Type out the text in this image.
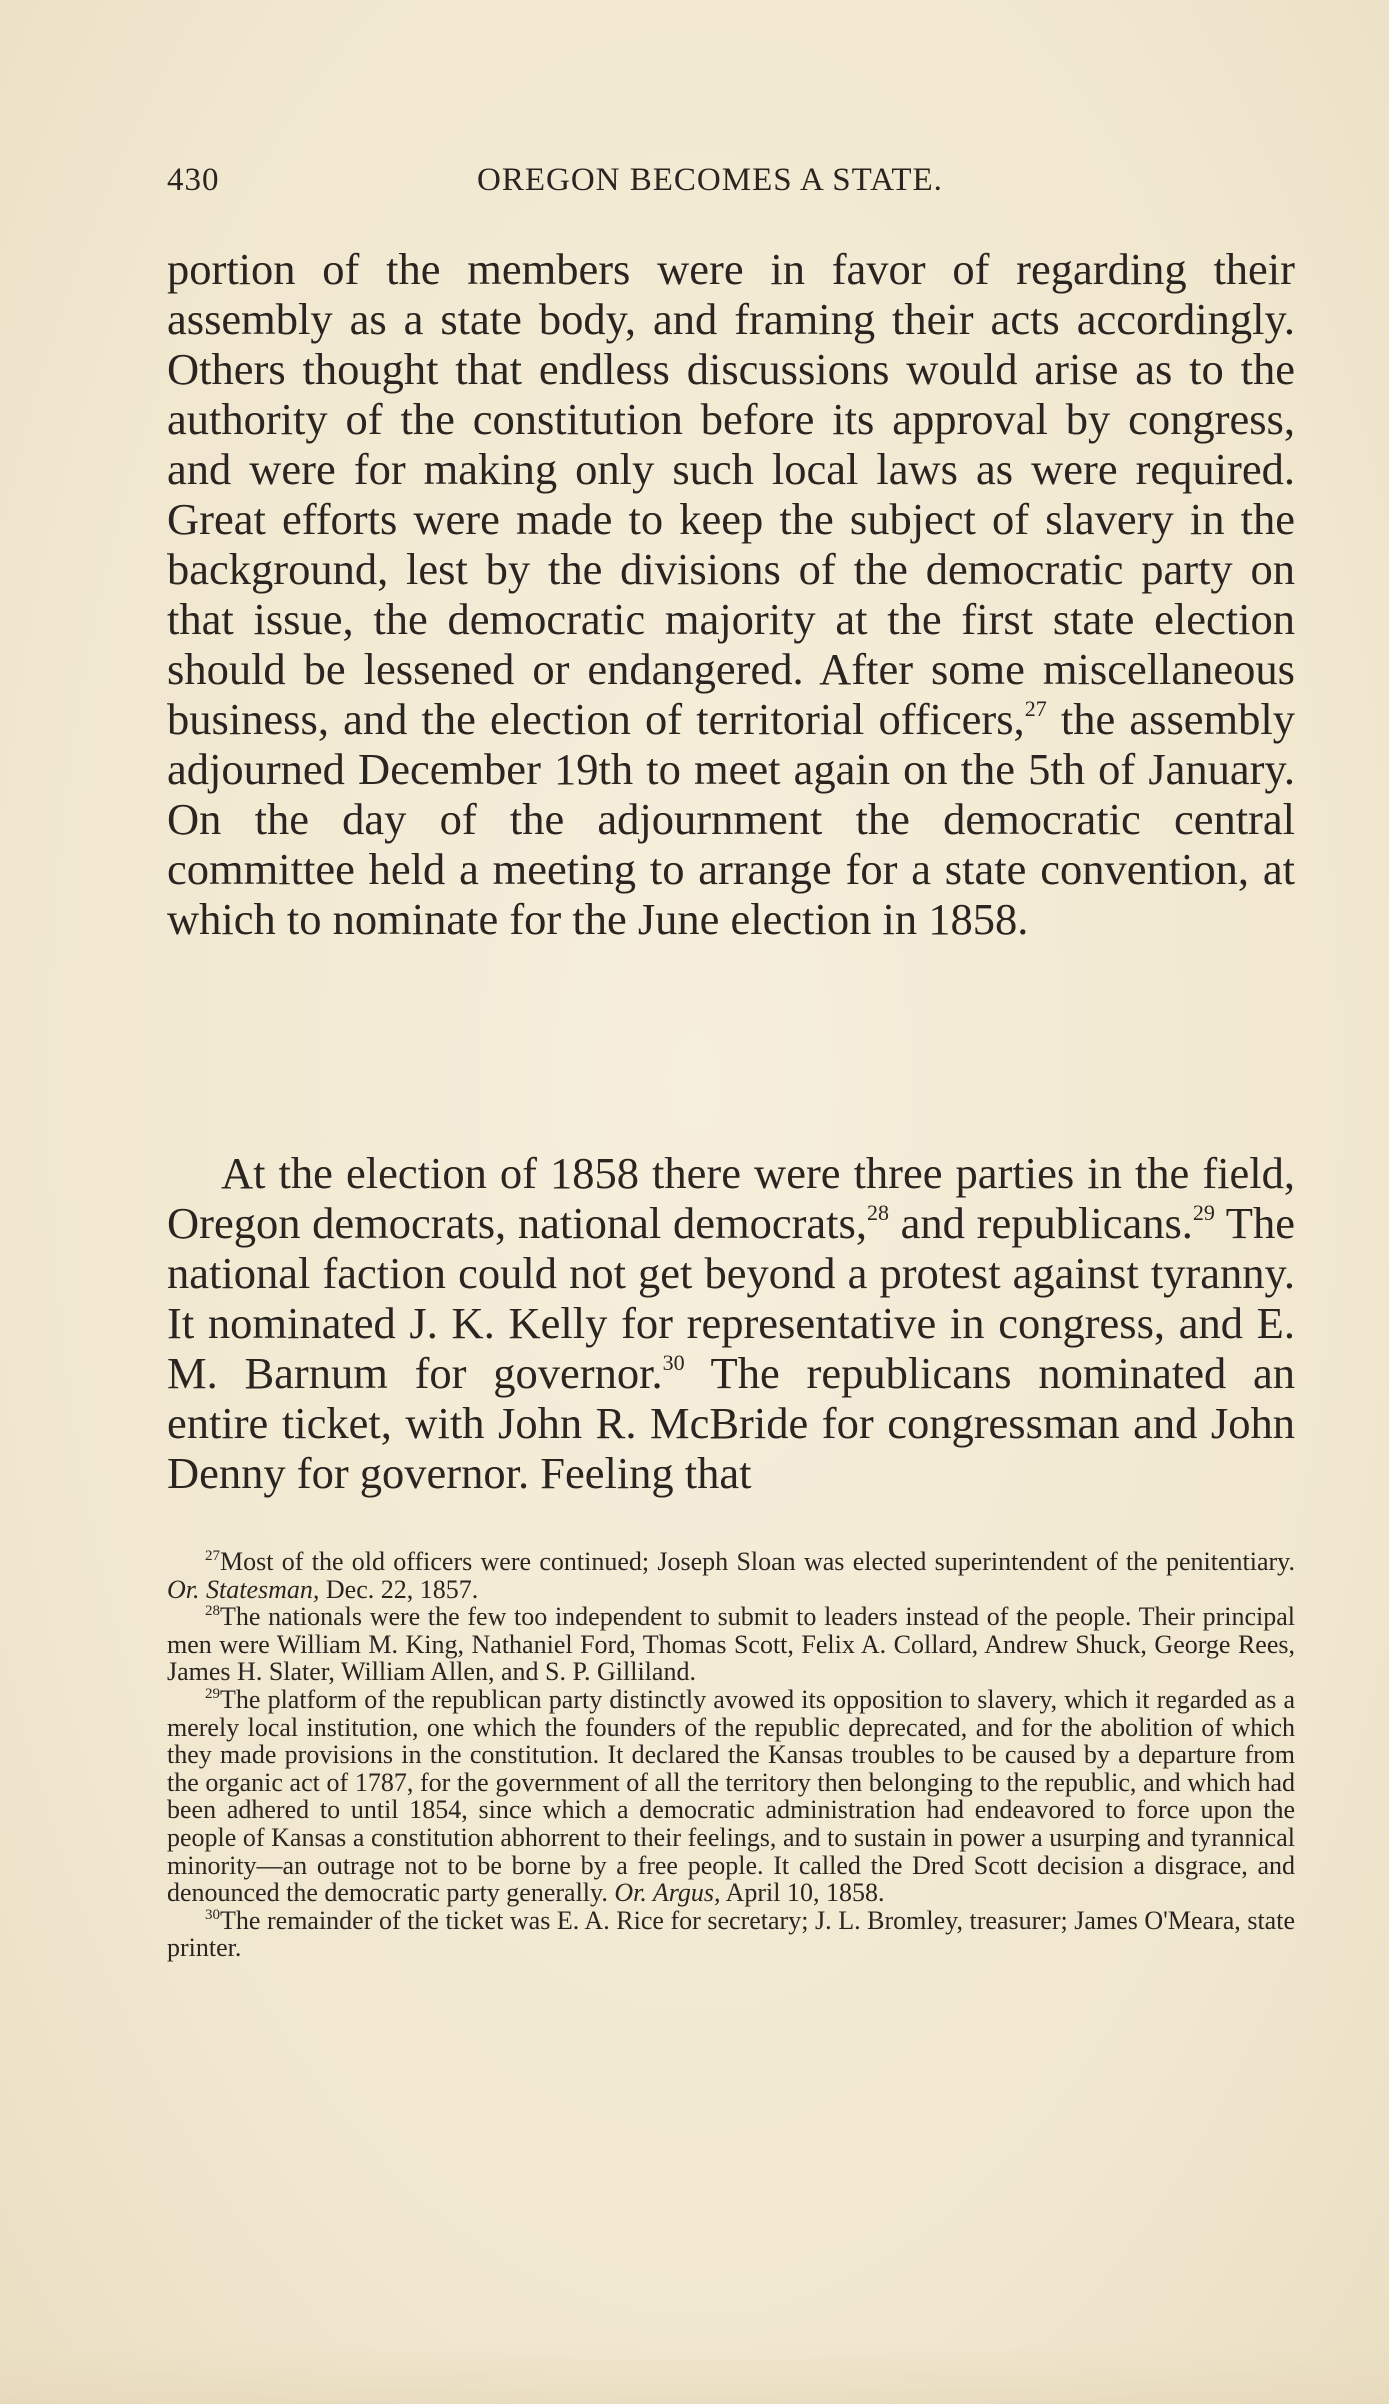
430	OREGON BECOMES A STATE.

portion of the members were in favor of regarding their assembly as a state body, and framing their acts accordingly. Others thought that endless discussions would arise as to the authority of the constitution before its approval by congress, and were for making only such local laws as were required. Great efforts were made to keep the subject of slavery in the background, lest by the divisions of the democratic party on that issue, the democratic majority at the first state election should be lessened or endangered. After some miscellaneous business, and the election of territorial officers,$^{27}$ the assembly adjourned December 19th to meet again on the 5th of January. On the day of the adjournment the democratic central committee held a meeting to arrange for a state convention, at which to nominate for the June election in 1858.

At the election of 1858 there were three parties in the field, Oregon democrats, national democrats,$^{28}$ and republicans.$^{29}$ The national faction could not get beyond a protest against tyranny. It nominated J. K. Kelly for representative in congress, and E. M. Barnum for governor.$^{30}$ The republicans nominated an entire ticket, with John R. McBride for congressman and John Denny for governor. Feeling that

$^{27}$Most of the old officers were continued; Joseph Sloan was elected superintendent of the penitentiary. Or. Statesman, Dec. 22, 1857.

$^{28}$The nationals were the few too independent to submit to leaders instead of the people. Their principal men were William M. King, Nathaniel Ford, Thomas Scott, Felix A. Collard, Andrew Shuck, George Rees, James H. Slater, William Allen, and S. P. Gilliland.

$^{29}$The platform of the republican party distinctly avowed its opposition to slavery, which it regarded as a merely local institution, one which the founders of the republic deprecated, and for the abolition of which they made provisions in the constitution. It declared the Kansas troubles to be caused by a departure from the organic act of 1787, for the government of all the territory then belonging to the republic, and which had been adhered to until 1854, since which a democratic administration had endeavored to force upon the people of Kansas a constitution abhorrent to their feelings, and to sustain in power a usurping and tyrannical minority—an outrage not to be borne by a free people. It called the Dred Scott decision a disgrace, and denounced the democratic party generally. Or. Argus, April 10, 1858.

$^{30}$The remainder of the ticket was E. A. Rice for secretary; J. L. Bromley, treasurer; James O'Meara, state printer.
